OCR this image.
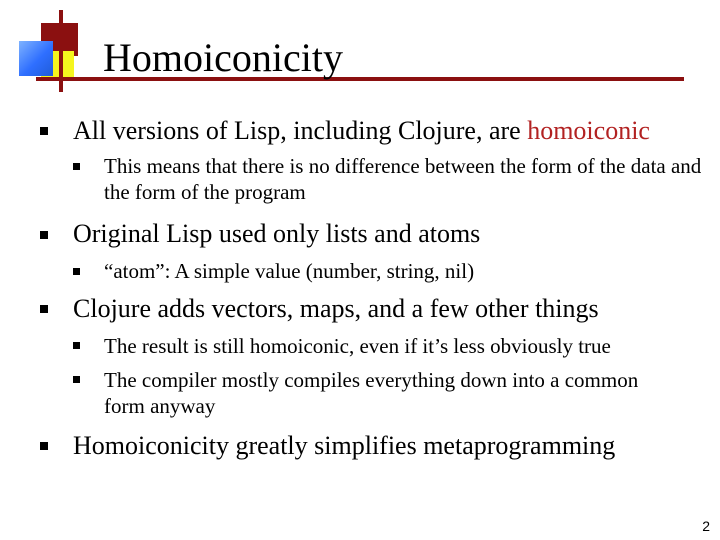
Homoiconicity
All versions of Lisp, including Clojure, are homoiconic
This means that there is no difference between the form of the data and the form of the program
Original Lisp used only lists and atoms
“atom”: A simple value (number, string, nil)
Clojure adds vectors, maps, and a few other things
The result is still homoiconic, even if it’s less obviously true
The compiler mostly compiles everything down into a common form anyway
Homoiconicity greatly simplifies metaprogramming
2
